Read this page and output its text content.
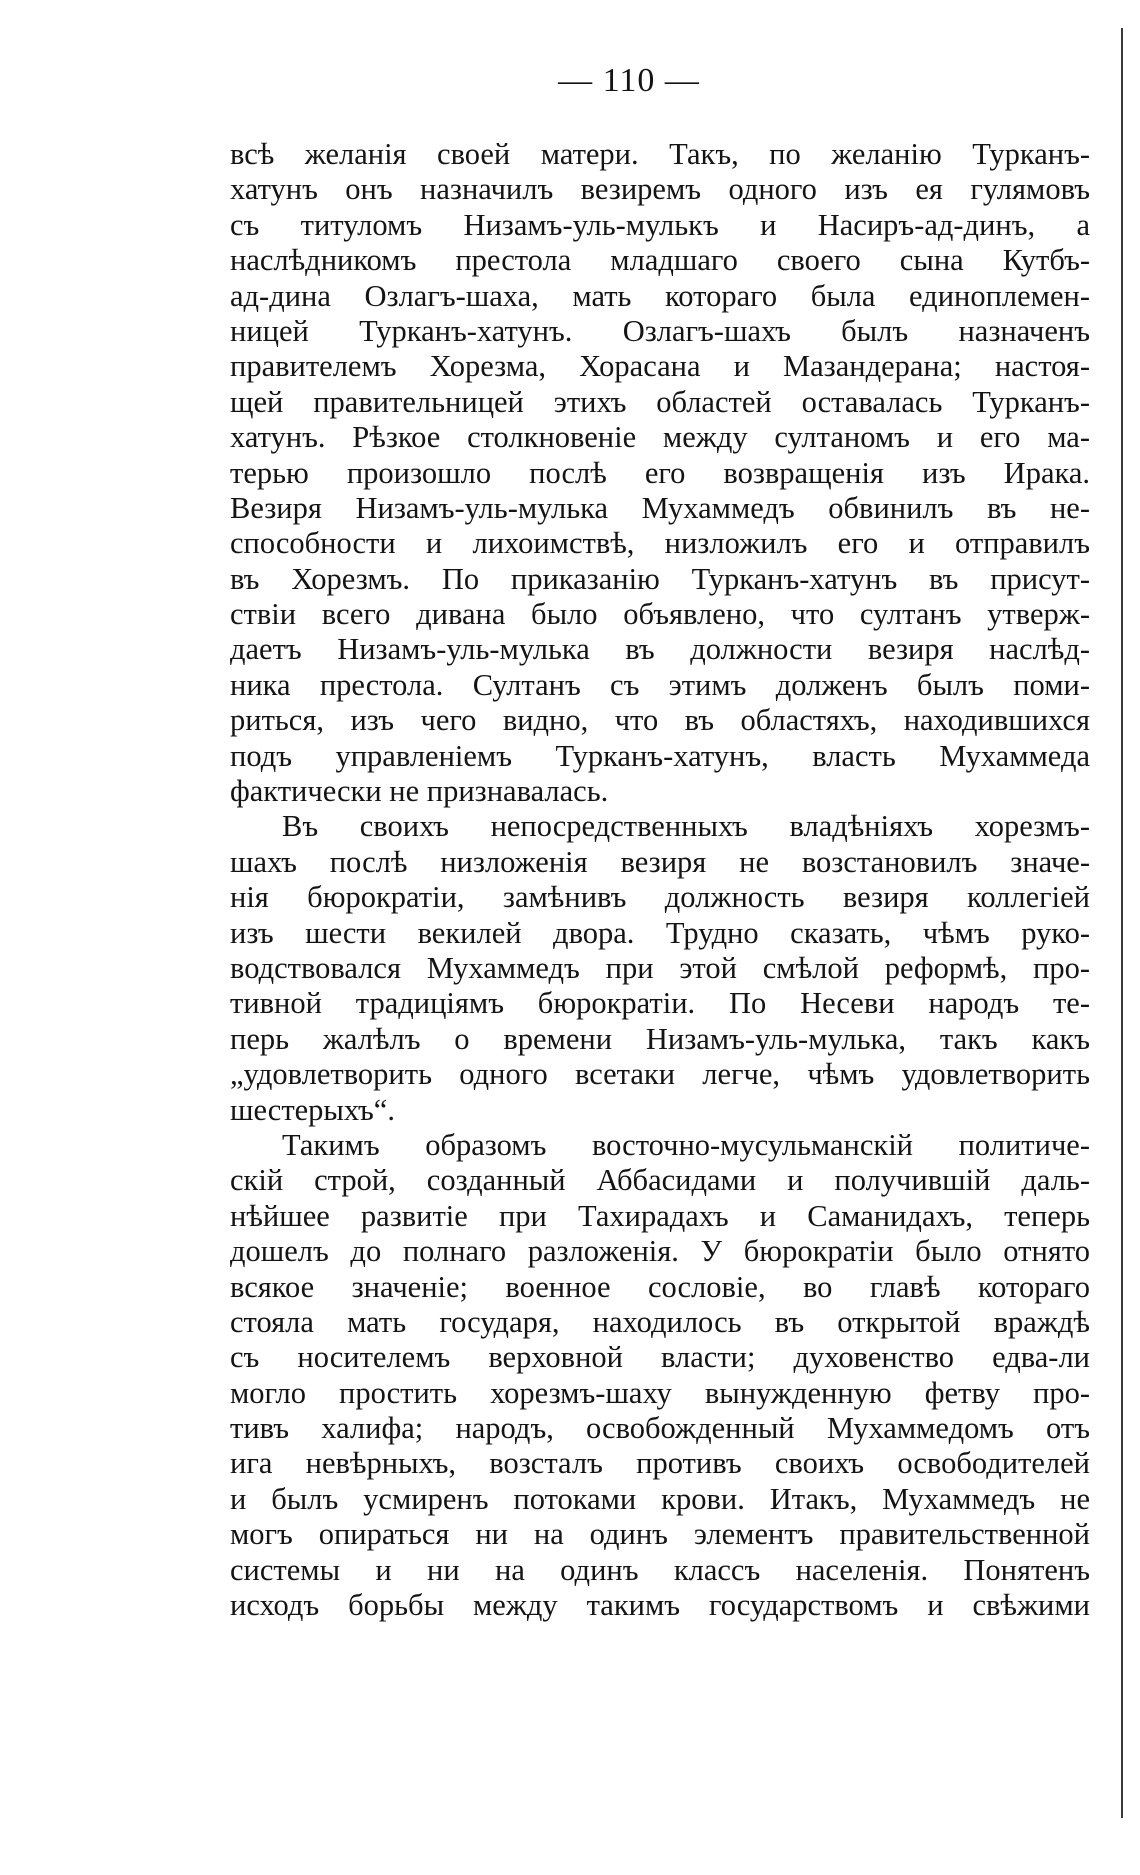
— 110 —
всѣ желанія своей матери. Такъ, по желанію Турканъ-
хатунъ онъ назначилъ везиремъ одного изъ ея гулямовъ
съ титуломъ Низамъ-уль-мулькъ и Насиръ-ад-динъ, а
наслѣдникомъ престола младшаго своего сына Кутбъ-
ад-дина Озлагъ-шаха, мать котораго была единоплемен-
ницей Турканъ-хатунъ. Озлагъ-шахъ былъ назначенъ
правителемъ Хорезма, Хорасана и Мазандерана; настоя-
щей правительницей этихъ областей оставалась Турканъ-
хатунъ. Рѣзкое столкновеніе между султаномъ и его ма-
терью произошло послѣ его возвращенія изъ Ирака.
Везиря Низамъ-уль-мулька Мухаммедъ обвинилъ въ не-
способности и лихоимствѣ, низложилъ его и отправилъ
въ Хорезмъ. По приказанію Турканъ-хатунъ въ присут-
ствіи всего дивана было объявлено, что султанъ утверж-
даетъ Низамъ-уль-мулька въ должности везиря наслѣд-
ника престола. Султанъ съ этимъ долженъ былъ поми-
риться, изъ чего видно, что въ областяхъ, находившихся
подъ управленіемъ Турканъ-хатунъ, власть Мухаммеда
фактически не признавалась.
Въ своихъ непосредственныхъ владѣніяхъ хорезмъ-
шахъ послѣ низложенія везиря не возстановилъ значе-
нія бюрократіи, замѣнивъ должность везиря коллегіей
изъ шести векилей двора. Трудно сказать, чѣмъ руко-
водствовался Мухаммедъ при этой смѣлой реформѣ, про-
тивной традиціямъ бюрократіи. По Несеви народъ те-
перь жалѣлъ о времени Низамъ-уль-мулька, такъ какъ
„удовлетворить одного всетаки легче, чѣмъ удовлетворить
шестерыхъ“.
Такимъ образомъ восточно-мусульманскій политиче-
скій строй, созданный Аббасидами и получившій даль-
нѣйшее развитіе при Тахирадахъ и Саманидахъ, теперь
дошелъ до полнаго разложенія. У бюрократіи было отнято
всякое значеніе; военное сословіе, во главѣ котораго
стояла мать государя, находилось въ открытой враждѣ
съ носителемъ верховной власти; духовенство едва-ли
могло простить хорезмъ-шаху вынужденную фетву про-
тивъ халифа; народъ, освобожденный Мухаммедомъ отъ
ига невѣрныхъ, возсталъ противъ своихъ освободителей
и былъ усмиренъ потоками крови. Итакъ, Мухаммедъ не
могъ опираться ни на одинъ элементъ правительственной
системы и ни на одинъ классъ населенія. Понятенъ
исходъ борьбы между такимъ государствомъ и свѣжими
